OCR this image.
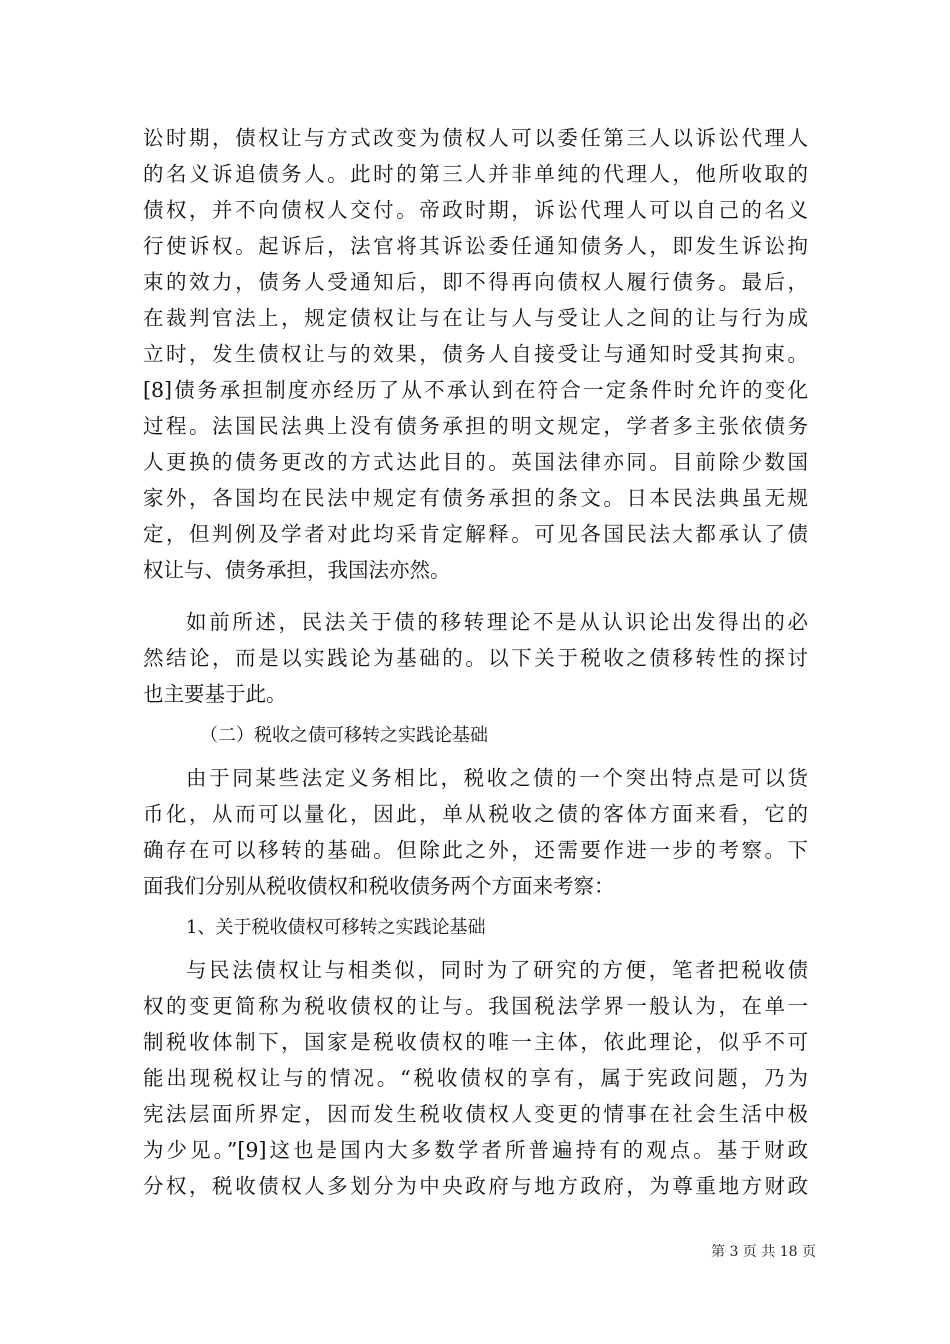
讼时期，债权让与方式改变为债权人可以委任第三人以诉讼代理人
的名义诉追债务人。此时的第三人并非单纯的代理人，他所收取的
债权，并不向债权人交付。帝政时期，诉讼代理人可以自己的名义
行使诉权。起诉后，法官将其诉讼委任通知债务人，即发生诉讼拘
束的效力，债务人受通知后，即不得再向债权人履行债务。最后，
在裁判官法上，规定债权让与在让与人与受让人之间的让与行为成
立时，发生债权让与的效果，债务人自接受让与通知时受其拘束。
[8]债务承担制度亦经历了从不承认到在符合一定条件时允许的变化
过程。法国民法典上没有债务承担的明文规定，学者多主张依债务
人更换的债务更改的方式达此目的。英国法律亦同。目前除少数国
家外，各国均在民法中规定有债务承担的条文。日本民法典虽无规
定，但判例及学者对此均采肯定解释。可见各国民法大都承认了债
权让与、债务承担，我国法亦然。
如前所述，民法关于债的移转理论不是从认识论出发得出的必
然结论，而是以实践论为基础的。以下关于税收之债移转性的探讨
也主要基于此。
（二）税收之债可移转之实践论基础
由于同某些法定义务相比，税收之债的一个突出特点是可以货
币化，从而可以量化，因此，单从税收之债的客体方面来看，它的
确存在可以移转的基础。但除此之外，还需要作进一步的考察。下
面我们分别从税收债权和税收债务两个方面来考察：
1、关于税收债权可移转之实践论基础
与民法债权让与相类似，同时为了研究的方便，笔者把税收债
权的变更简称为税收债权的让与。我国税法学界一般认为，在单一
制税收体制下，国家是税收债权的唯一主体，依此理论，似乎不可
能出现税权让与的情况。“税收债权的享有，属于宪政问题，乃为
宪法层面所界定，因而发生税收债权人变更的情事在社会生活中极
为少见。”[9]这也是国内大多数学者所普遍持有的观点。基于财政
分权，税收债权人多划分为中央政府与地方政府，为尊重地方财政
第 3 页 共 18 页
